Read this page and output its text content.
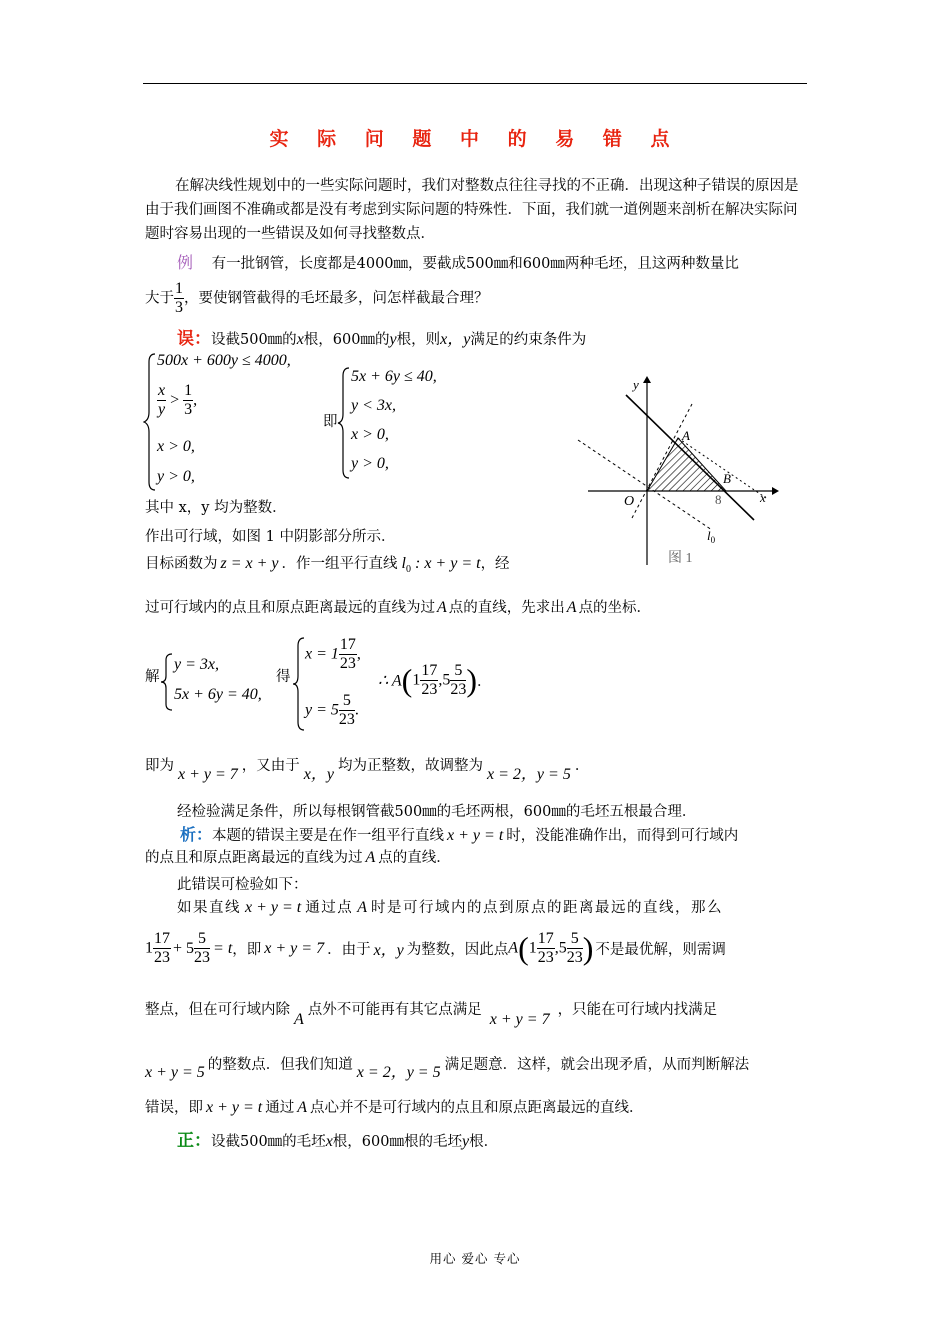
实 际 问 题 中 的 易 错 点
在解决线性规划中的一些实际问题时，我们对整数点往往寻找的不正确．出现这种子错误的原因是由于我们画图不准确或都是没有考虑到实际问题的特殊性．下面，我们就一道例题来剖析在解决实际问题时容易出现的一些错误及如何寻找整数点．
例 有一批钢管，长度都是4000㎜，要截成500㎜和600㎜两种毛坯，且这两种数量比
大于 $\frac{1}{3}$ ，要使钢管截得的毛坯最多，问怎样截最合理？
误：设截500㎜的x根，600㎜的y根，则x，y满足的约束条件为
500x + 600y ≤ 4000,
$\frac{x}{y} > \frac{1}{3}$ ,
x > 0,
y > 0,
即
5x + 6y ≤ 40,
y < 3x,
x > 0,
y > 0,
y
x
O
A
B
8
$l_0$
图 1
其中 x，y 均为整数．
作出可行域，如图 1 中阴影部分所示．
目标函数为 z = x + y ．作一组平行直线 $l_0$ : x + y = t，经
过可行域内的点且和原点距离最远的直线为过 A 点的直线，先求出 A 点的坐标．
解
y = 3x,
5x + 6y = 40,
得
$x = 1 \frac{17}{23}$ ,
$y = 5 \frac{5}{23}$ .
∴ $A(1 \frac{17}{23} ,5 \frac{5}{23}$ )．
即为 x + y = 7 ，又由于 x，y 均为正整数，故调整为 x = 2，y = 5 ．
经检验满足条件，所以每根钢管截500㎜的毛坯两根，600㎜的毛坯五根最合理．
析：本题的错误主要是在作一组平行直线 x + y = t 时，没能准确作出，而得到可行域内
的点且和原点距离最远的直线为过 A 点的直线．
此错误可检验如下：
如果直线 x + y = t 通过点 A 时是可行域内的点到原点的距离最远的直线，那么
$1 \frac{17}{23} + 5 \frac{5}{23} = t$，即 x + y = 7 ．由于 x，y 为整数，因此点$A(1 \frac{17}{23} ,5 \frac{5}{23}$ ) 不是最优解，则需调
整点，但在可行域内除A点外不可能再有其它点满足x + y = 7，只能在可行域内找满足
x + y = 5 的整数点．但我们知道 x = 2，y = 5 满足题意．这样，就会出现矛盾，从而判断解法
错误，即 x + y = t 通过 A 点心并不是可行域内的点且和原点距离最远的直线．
正：设截500㎜的毛坯x根，600㎜根的毛坯y根．
用心 爱心 专心
